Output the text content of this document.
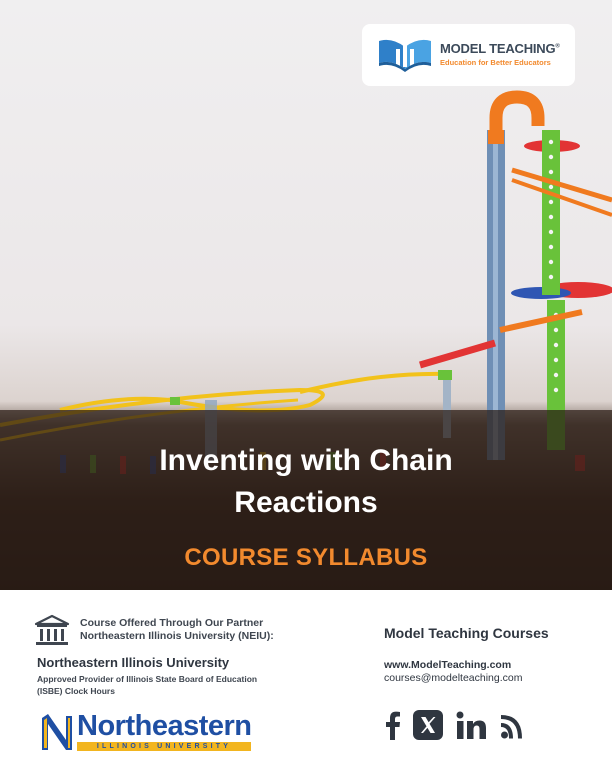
Inventing with Chain
Reactions
COURSE SYLLABUS
MODEL TEACHING®
Education for Better Educators
Course Offered Through Our Partner
Northeastern Illinois University (NEIU):
Northeastern Illinois University
Approved Provider of Illinois State Board of Education
(ISBE) Clock Hours
Northeastern
ILLINOIS UNIVERSITY
Model Teaching Courses
www.ModelTeaching.com
courses@modelteaching.com
